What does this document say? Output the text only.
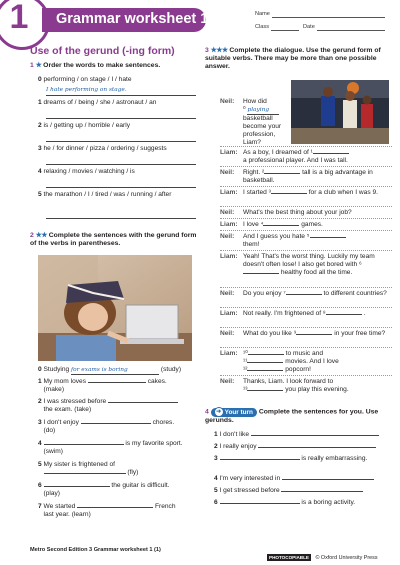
1	Grammar worksheet 1	Name
Class	Date
Use of the gerund (-ing form)
1 ★ Order the words to make sentences.
0 performing / on stage / I / hate
I hate performing on stage.
1 dreams of / being / she / astronaut / an
2 is / getting up / horrible / early
3 he / for dinner / pizza / ordering / suggests
4 relaxing / movies / watching / is
5 the marathon / I / tired / was / running / after
2 ★★ Complete the sentences with the gerund form of the verbs in parentheses.
0 Studying for exams is boring	(study)
1 My mom loves	cakes.
(make)
2 I was stressed before
the exam. (take)
3 I don't enjoy	chores.
(do)
4	is my favorite sport.
(swim)
5 My sister is frightened of
(fly)
6	the guitar is difficult.
(play)
7 We started	French
last year. (learn)
3 ★★★ Complete the dialogue. Use the gerund form of suitable verbs. There may be more than one possible answer.
Neil: How did
⁰ playing basketball become your profession, Liam?
Liam: As a boy, I dreamed of ¹
a professional player. And I was tall.
Neil: Right. ²	tall is a big advantage in basketball.
Liam: I started ³	for a club when I was 9.
Neil: What's the best thing about your job?
Liam: I love ⁴	games.
Neil: And I guess you hate ⁵
them!
Liam: Yeah! That's the worst thing. Luckily my team doesn't often lose! I also get bored with ⁶ healthy food all the time.
Neil: Do you enjoy ⁷	to different countries?
Liam: Not really. I'm frightened of ⁸	.
Neil: What do you like ⁹	in your free time?
Liam: ¹⁰	to music and
¹¹	movies. And I love
¹²	popcorn!
Neil: Thanks, Liam. I look forward to
¹³	you play this evening.
4 ➜ Your turn Complete the sentences for you. Use gerunds.
1 I don't like
2 I really enjoy
3	is really embarrassing.
4 I'm very interested in
5 I get stressed before
6	is a boring activity.
Metro Second Edition 3 Grammar worksheet 1 (1)
PHOTOCOPIABLE © Oxford University Press
